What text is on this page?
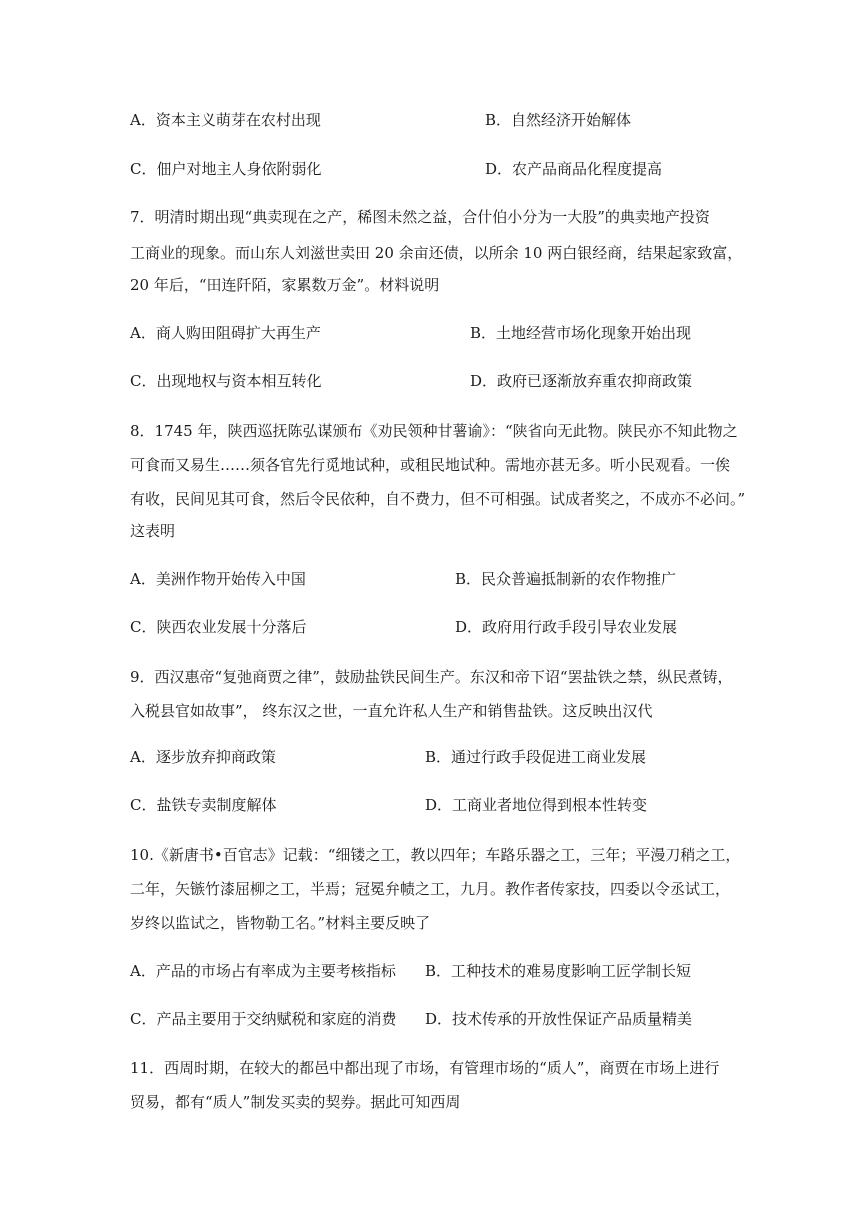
A．资本主义萌芽在农村出现	B．自然经济开始解体
C．佃户对地主人身依附弱化	D．农产品商品化程度提高
7．明清时期出现“典卖现在之产，稀图未然之益，合什伯小分为一大股”的典卖地产投资
工商业的现象。而山东人刘滋世卖田 20 余亩还债，以所余 10 两白银经商，结果起家致富，
20 年后，“田连阡陌，家累数万金”。材料说明
A．商人购田阻碍扩大再生产	B．土地经营市场化现象开始出现
C．出现地权与资本相互转化	D．政府已逐渐放弃重农抑商政策
8．1745 年，陕西巡抚陈弘谋颁布《劝民领种甘薯谕》：“陕省向无此物。陕民亦不知此物之
可食而又易生……须各官先行觅地试种，或租民地试种。需地亦甚无多。听小民观看。一俟
有收，民间见其可食，然后令民依种，自不费力，但不可相强。试成者奖之，不成亦不必问。”
这表明
A．美洲作物开始传入中国	B．民众普遍抵制新的农作物推广
C．陕西农业发展十分落后	D．政府用行政手段引导农业发展
9．西汉惠帝“复弛商贾之律”，鼓励盐铁民间生产。东汉和帝下诏“罢盐铁之禁，纵民煮铸，
入税县官如故事”， 终东汉之世，一直允许私人生产和销售盐铁。这反映出汉代
A．逐步放弃抑商政策	B．通过行政手段促进工商业发展
C．盐铁专卖制度解体	D．工商业者地位得到根本性转变
10.《新唐书•百官志》记载：“细镂之工，教以四年；车路乐器之工，三年；平漫刀稍之工，
二年，矢镞竹漆屈柳之工，半焉；冠冕弁帻之工，九月。教作者传家技，四委以令丞试工，
岁终以监试之，皆物勒工名。”材料主要反映了
A．产品的市场占有率成为主要考核指标 B．工种技术的难易度影响工匠学制长短
C．产品主要用于交纳赋税和家庭的消费 D．技术传承的开放性保证产品质量精美
11．西周时期，在较大的都邑中都出现了市场，有管理市场的“质人”，商贾在市场上进行
贸易，都有“质人”制发买卖的契券。据此可知西周
